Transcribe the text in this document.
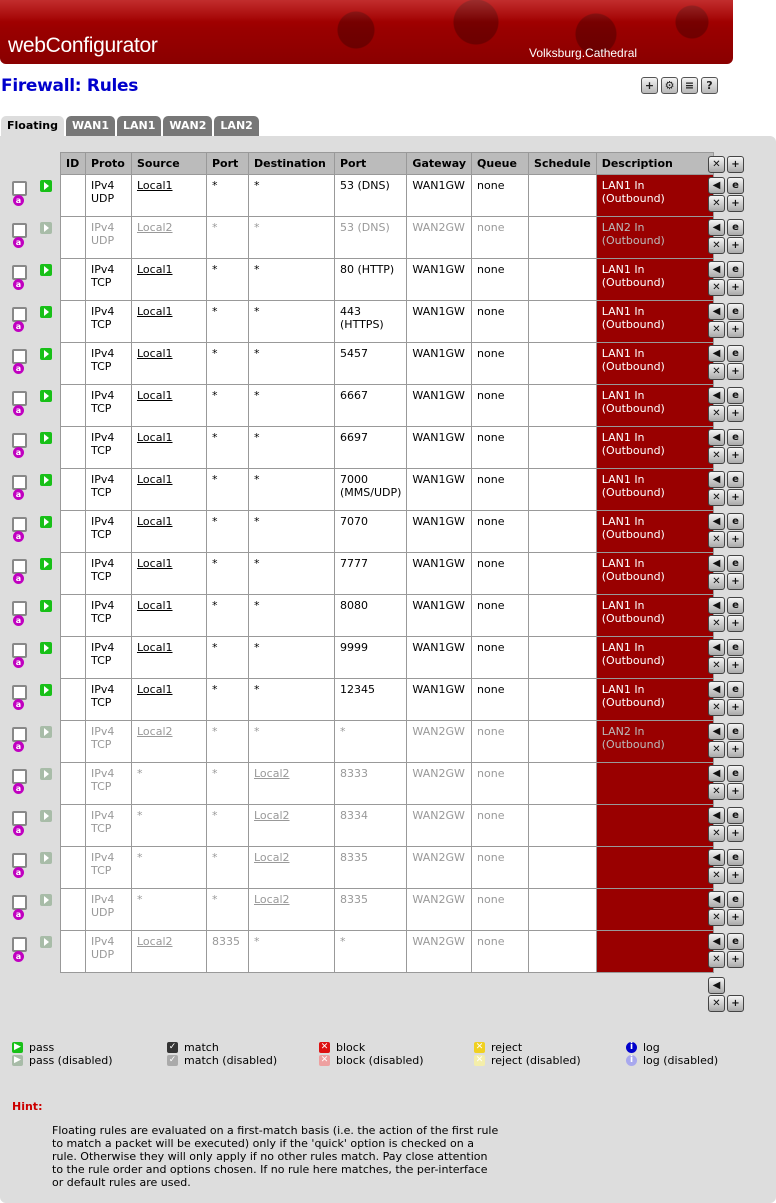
webConfigurator	Volksburg.Cathedral
Firewall: Rules	+ ⚙ ≡	?
Floating	WAN1	LAN1	WAN2	LAN2
ID	Proto	Source	Port	Destination	Port	Gateway	Queue	Schedule	Description

	IPv4
UDP	Local1	*	*	53 (DNS)	WAN1GW	none		LAN1 In (Outbound)

	IPv4
UDP	Local2	*	*	53 (DNS)	WAN2GW	none		LAN2 In (Outbound)

	IPv4
TCP	Local1	*	*	80 (HTTP)	WAN1GW	none		LAN1 In (Outbound)

IPv4
TCP
	Local1	*	*	443
(HTTPS)
	WAN1GW	none		LAN1 In (Outbound)

	IPv4
TCP	Local1	*	*	5457	WAN1GW	none		LAN1 In (Outbound)

	IPv4
TCP	Local1	*	*	6667	WAN1GW	none		LAN1 In (Outbound)

	IPv4
TCP	Local1	*	*	6697	WAN1GW	none		LAN1 In (Outbound)

IPv4
TCP
	Local1	*	*	7000
(MMS/UDP)
	WAN1GW	none		LAN1 In (Outbound)

	IPv4
TCP	Local1	*	*	7070	WAN1GW	none		LAN1 In (Outbound)

	IPv4
TCP	Local1	*	*	7777	WAN1GW	none		LAN1 In (Outbound)

	IPv4
TCP	Local1	*	*	8080	WAN1GW	none		LAN1 In (Outbound)

	IPv4
TCP	Local1	*	*	9999	WAN1GW	none		LAN1 In (Outbound)

	IPv4
TCP	Local1	*	*	12345	WAN1GW	none		LAN1 In (Outbound)

	IPv4
TCP	Local2	*	*	*	WAN2GW	none		LAN2 In (Outbound)

	IPv4
TCP	*	*	Local2	8333	WAN2GW	none		

	IPv4
TCP	*	*	Local2	8334	WAN2GW	none		

	IPv4
TCP	*	*	Local2	8335	WAN2GW	none		

	IPv4
UDP	*	*	Local2	8335	WAN2GW	none		

	IPv4
UDP	Local2	8335	*	*	WAN2GW	none		
a
a
a
a
a
a
a
a
a
a
a
a
a
a
a
a
a
a
a
◀	e
✕	+
◀	e
✕	+
◀	e
✕	+
◀	e
✕	+
◀	e
✕	+
◀	e
✕	+
◀	e
✕	+
◀	e
✕	+
◀	e
✕	+
◀	e
✕	+
◀	e
✕	+
◀	e
✕	+
◀	e
✕	+
◀	e
✕	+
◀	e
✕	+
◀	e
✕	+
◀	e
✕	+
◀	e
✕	+
◀	e
✕	+
✕	+
◀
✕	+
▶ pass
▶ pass (disabled)
✓ match
✓ match (disabled)
✕ block
✕ block (disabled)
✕ reject
✕ reject (disabled)
i log
i log (disabled)
Hint:
Floating rules are evaluated on a first-match basis (i.e. the action of the first rule to match a packet will be executed) only if the 'quick' option is checked on a rule. Otherwise they will only apply if no other rules match. Pay close attention to the rule order and options chosen. If no rule here matches, the per-interface or default rules are used.
